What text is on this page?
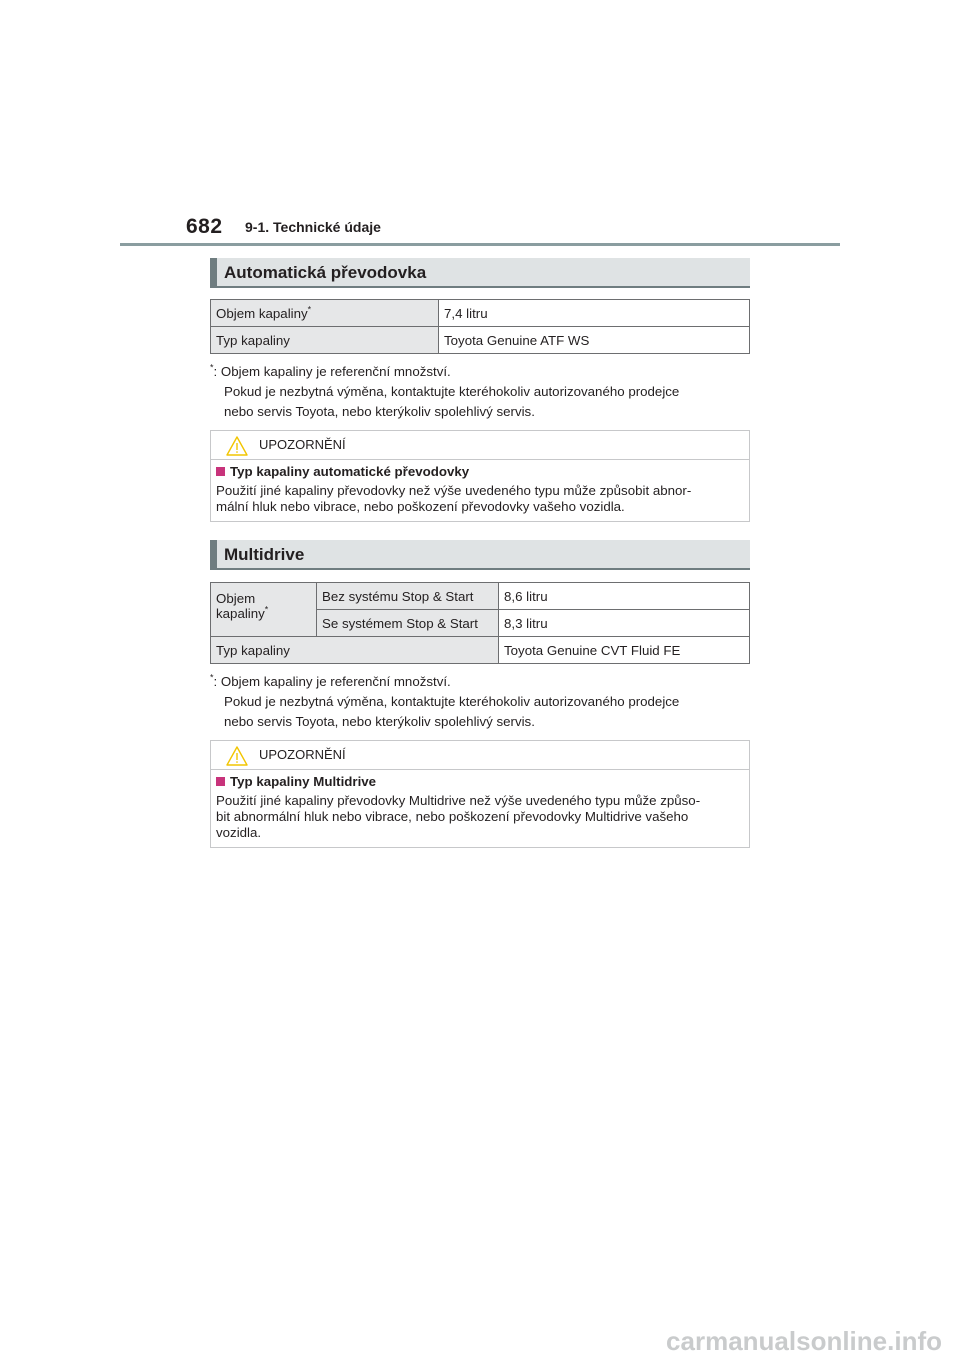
682 9-1. Technické údaje
Automatická převodovka
Objem kapaliny*	7,4 litru
Typ kapaliny	Toyota Genuine ATF WS
*: Objem kapaliny je referenční množství.
Pokud je nezbytná výměna, kontaktujte kteréhokoliv autorizovaného prodejce
nebo servis Toyota, nebo kterýkoliv spolehlivý servis.
UPOZORNĚNÍ
Typ kapaliny automatické převodovky
Použití jiné kapaliny převodovky než výše uvedeného typu může způsobit abnor-
mální hluk nebo vibrace, nebo poškození převodovky vašeho vozidla.
Multidrive
Objem
kapaliny*	Bez systému Stop & Start	8,6 litru
	Se systémem Stop & Start	8,3 litru
Typ kapaliny		Toyota Genuine CVT Fluid FE
*: Objem kapaliny je referenční množství.
Pokud je nezbytná výměna, kontaktujte kteréhokoliv autorizovaného prodejce
nebo servis Toyota, nebo kterýkoliv spolehlivý servis.
UPOZORNĚNÍ
Typ kapaliny Multidrive
Použití jiné kapaliny převodovky Multidrive než výše uvedeného typu může způso-
bit abnormální hluk nebo vibrace, nebo poškození převodovky Multidrive vašeho
vozidla.
carmanualsonline.info
